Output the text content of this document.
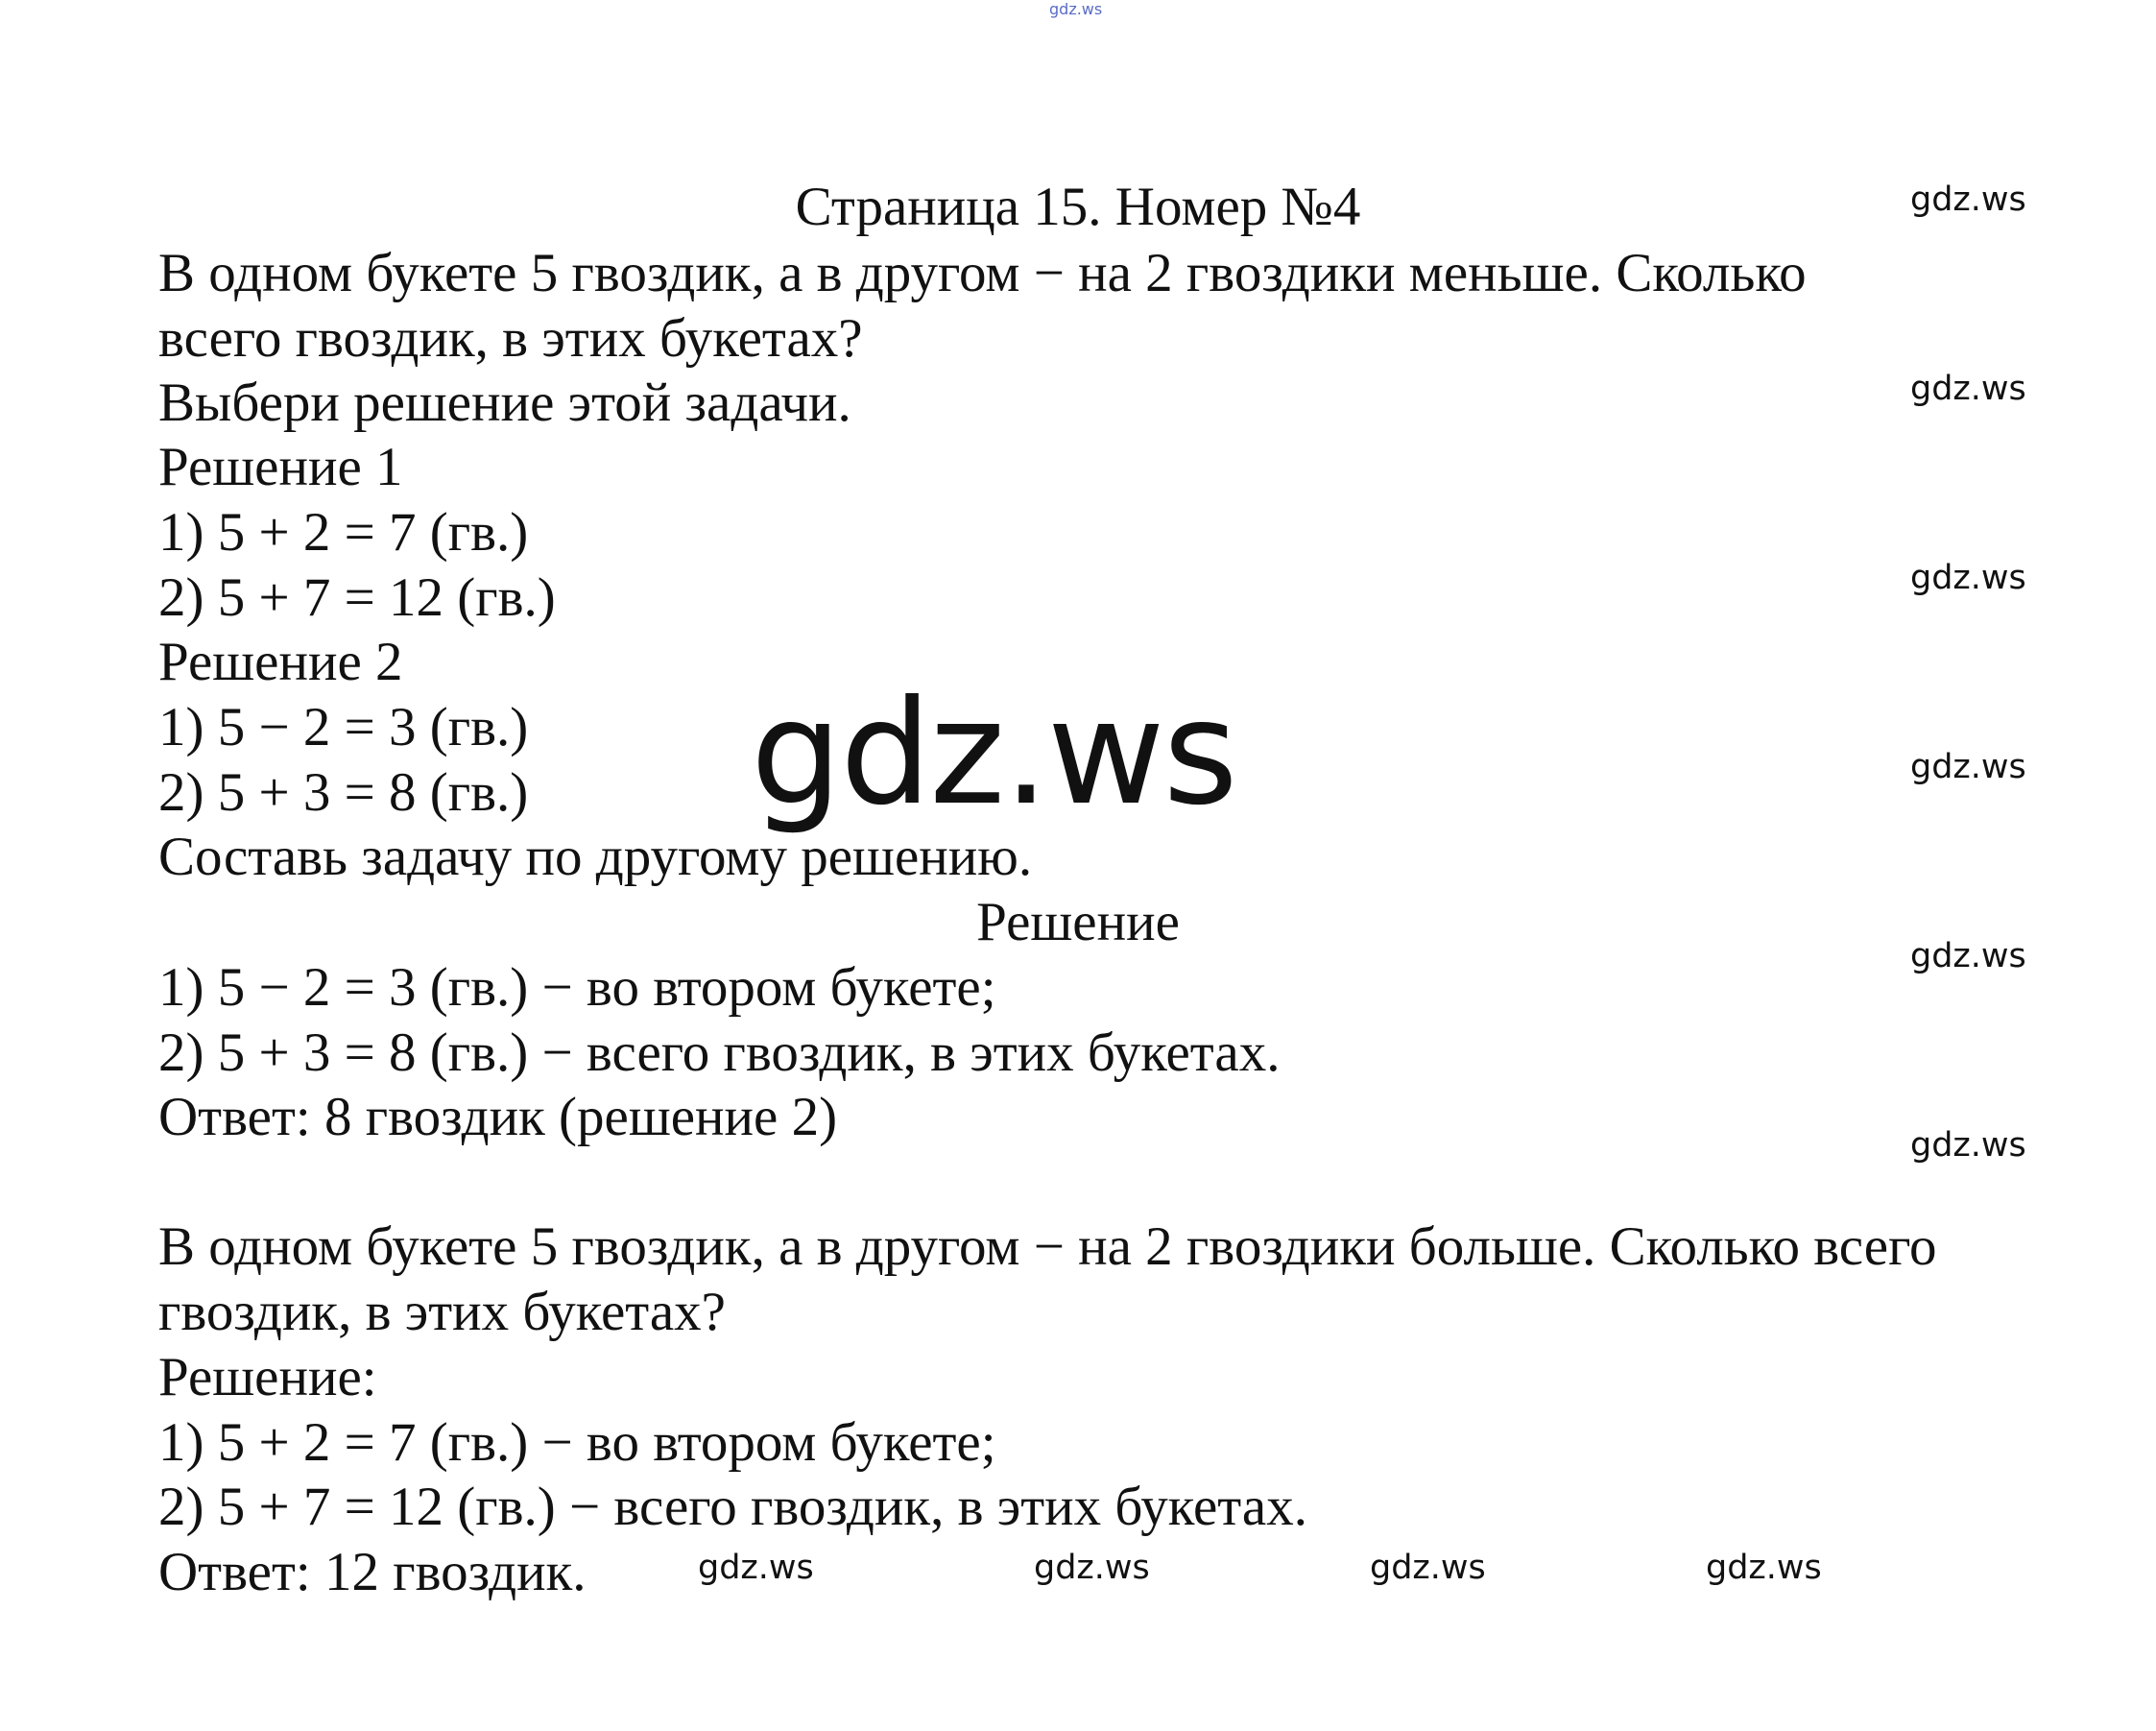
gdz.ws

Страница 15. Номер №4

В одном букете 5 гвоздик, а в другом − на 2 гвоздики меньше. Сколько

всего гвоздик, в этих букетах?

Выбери решение этой задачи.

Решение 1

1) 5 + 2 = 7 (гв.)

2) 5 + 7 = 12 (гв.)

Решение 2

1) 5 − 2 = 3 (гв.)

2) 5 + 3 = 8 (гв.)

Составь задачу по другому решению.

Решение

1) 5 − 2 = 3 (гв.) − во втором букете;

2) 5 + 3 = 8 (гв.) − всего гвоздик, в этих букетах.

Ответ: 8 гвоздик (решение 2)

В одном букете 5 гвоздик, а в другом − на 2 гвоздики больше. Сколько всего

гвоздик, в этих букетах?

Решение:

1) 5 + 2 = 7 (гв.) − во втором букете;

2) 5 + 7 = 12 (гв.) − всего гвоздик, в этих букетах.

Ответ: 12 гвоздик.

gdz.ws
gdz.ws
gdz.ws
gdz.ws
gdz.ws
gdz.ws
gdz.ws
gdz.ws	gdz.ws	gdz.ws	gdz.ws
